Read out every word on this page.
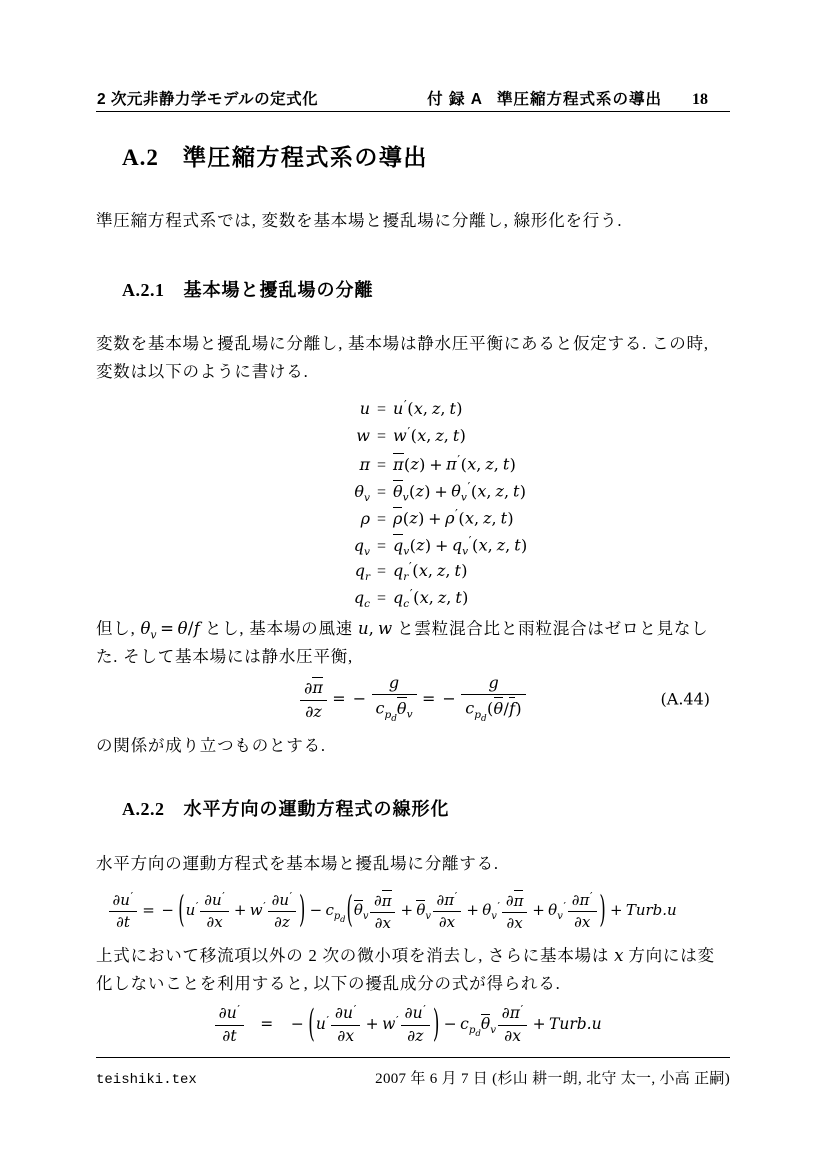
2 次元非静力学モデルの定式化	付 録 A 準圧縮方程式系の導出 18
A.2 準圧縮方程式系の導出
準圧縮方程式系では, 変数を基本場と擾乱場に分離し, 線形化を行う.
A.2.1 基本場と擾乱場の分離
変数を基本場と擾乱場に分離し, 基本場は静水圧平衡にあると仮定する. この時,
変数は以下のように書ける.
u = u′(x, z, t)
w = w′(x, z, t)
π = π(z) + π′(x, z, t)
$\theta_v = \theta_v(z) + \theta_v'(x$, z, t)
ρ = ρ(z) + ρ′(x, z, t)
$q_v = q_v(z) + q_v'(x$, z, t)
$q_r = q_r'(x$, z, t)
$q_c = q_c'(x$, z, t)
但し, $\theta_v = \theta/f$ とし, 基本場の風速 u, w と雲粒混合比と雨粒混合はゼロと見なし
た. そして基本場には静水圧平衡,
$\frac{\partial\pi}{\partial z}$ = − $\frac{g}{c_{p_d}\theta_v}$ = − $\frac{g}{c_{p_d}(\theta/f)}$	(A.44)
の関係が成り立つものとする.
A.2.2 水平方向の運動方程式の線形化
水平方向の運動方程式を基本場と擾乱場に分離する.
$\frac{\partial u'}{\partial t}$ = − ($u' \frac{\partial u'}{\partial x} + w' \frac{\partial u'}{\partial z}$ ) − $c_{p_d}(\theta_v \frac{\partial\pi}{\partial x} + \theta_v \frac{\partial\pi'}{\partial x} + \theta_v' \frac{\partial\pi}{\partial x} + \theta_v' \frac{\partial\pi'}{\partial x}$ ) + Turb.u
上式において移流項以外の 2 次の微小項を消去し, さらに基本場は x 方向には変
化しないことを利用すると, 以下の擾乱成分の式が得られる.
$\frac{\partial u'}{\partial t}$ = − ($u' \frac{\partial u'}{\partial x} + w' \frac{\partial u'}{\partial z}$ ) − $c_{p_d}\theta_v \frac{\partial\pi'}{\partial x}$ + Turb.u
teishiki.tex	2007 年 6 月 7 日 (杉山 耕一朗, 北守 太一, 小高 正嗣)
